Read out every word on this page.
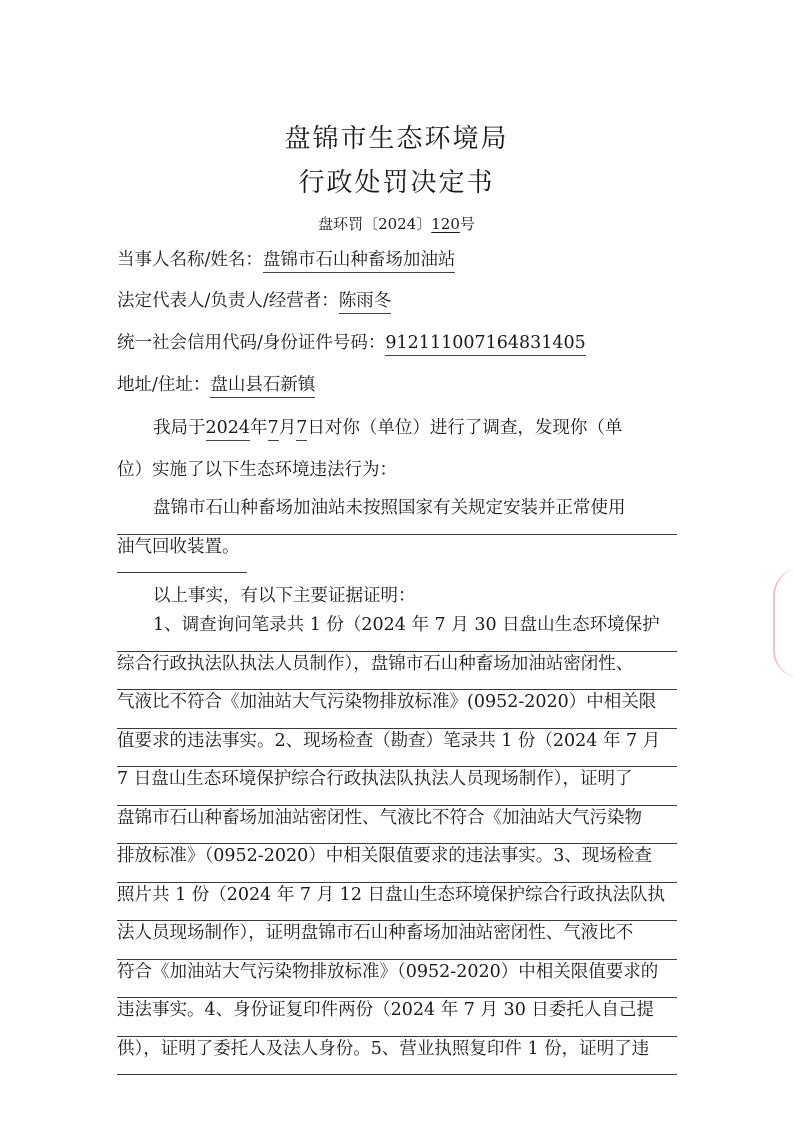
盘锦市生态环境局
行政处罚决定书
盘环罚〔2024〕120号
当事人名称/姓名：盘锦市石山种畜场加油站
法定代表人/负责人/经营者：陈雨冬
统一社会信用代码/身份证件号码：912111007164831405
地址/住址：盘山县石新镇
我局于2024年7月7日对你（单位）进行了调查，发现你（单
位）实施了以下生态环境违法行为：
盘锦市石山种畜场加油站未按照国家有关规定安装并正常使用
油气回收装置。
以上事实，有以下主要证据证明：
1、调查询问笔录共 1 份（2024 年 7 月 30 日盘山生态环境保护
综合行政执法队执法人员制作），盘锦市石山种畜场加油站密闭性、
气液比不符合《加油站大气污染物排放标准》(0952-2020）中相关限
值要求的违法事实。2、现场检查（勘查）笔录共 1 份（2024 年 7 月
7 日盘山生态环境保护综合行政执法队执法人员现场制作），证明了
盘锦市石山种畜场加油站密闭性、气液比不符合《加油站大气污染物
排放标准》（0952-2020）中相关限值要求的违法事实。3、现场检查
照片共 1 份（2024 年 7 月 12 日盘山生态环境保护综合行政执法队执
法人员现场制作），证明盘锦市石山种畜场加油站密闭性、气液比不
符合《加油站大气污染物排放标准》（0952-2020）中相关限值要求的
违法事实。4、身份证复印件两份（2024 年 7 月 30 日委托人自己提
供），证明了委托人及法人身份。5、营业执照复印件 1 份，证明了违
